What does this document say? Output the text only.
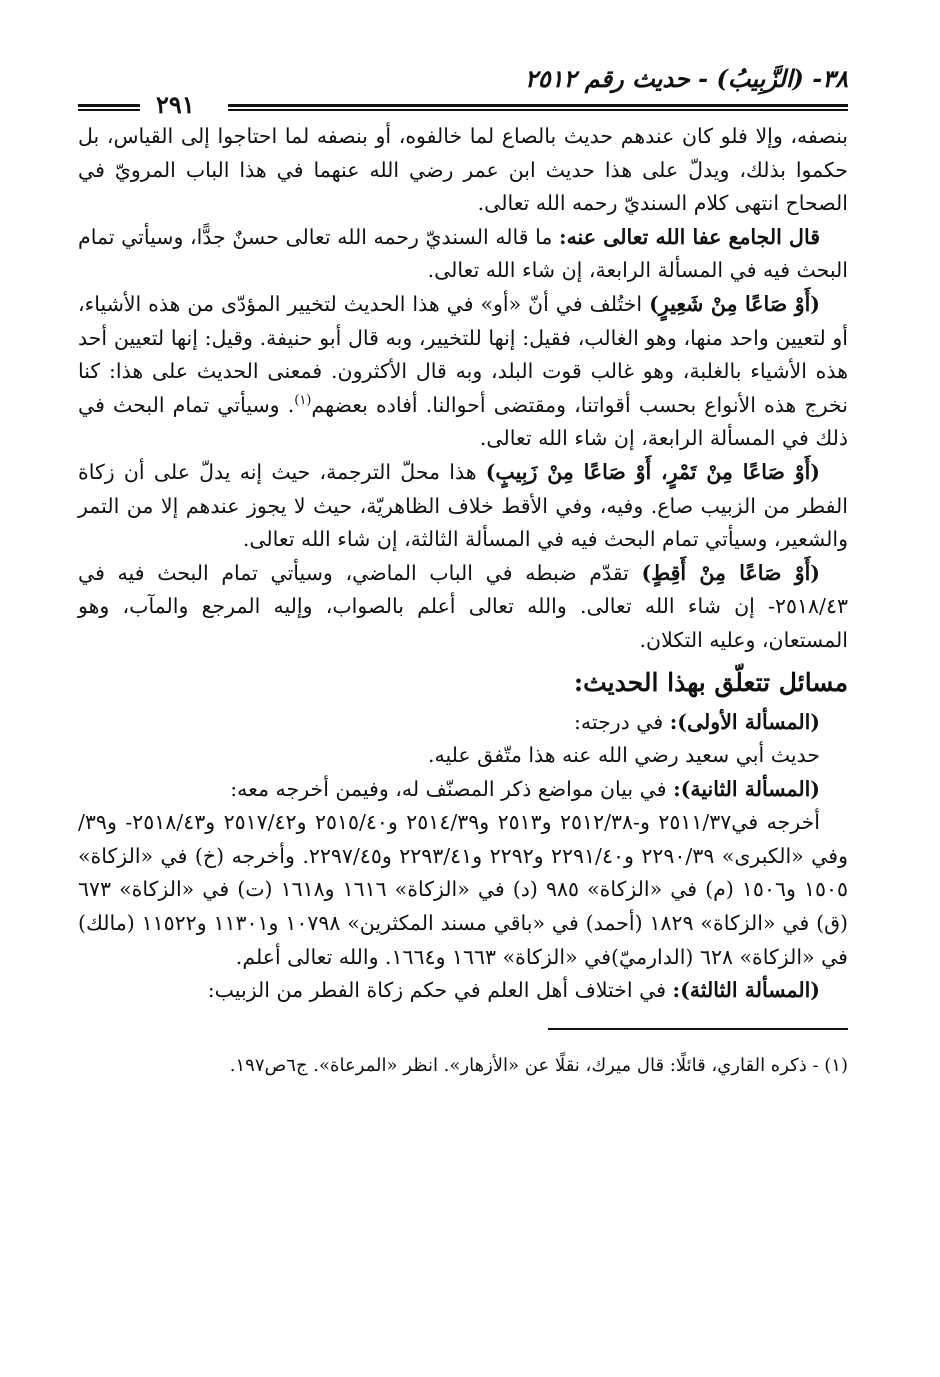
٣٨- (الزَّبِيبُ) - حديث رقم ٢٥١٢
٢٩١

بنصفه، وإلا فلو كان عندهم حديث بالصاع لما خالفوه، أو بنصفه لما احتاجوا إلى القياس، بل حكموا بذلك، ويدلّ على هذا حديث ابن عمر رضي الله عنهما في هذا الباب المرويّ في الصحاح انتهى كلام السنديّ رحمه الله تعالى.

قال الجامع عفا الله تعالى عنه: ما قاله السنديّ رحمه الله تعالى حسنٌ جدًّا، وسيأتي تمام البحث فيه في المسألة الرابعة، إن شاء الله تعالى.

(أَوْ صَاعًا مِنْ شَعِيرٍ) اختُلف في أنّ «أو» في هذا الحديث لتخيير المؤدّى من هذه الأشياء، أو لتعيين واحد منها، وهو الغالب، فقيل: إنها للتخيير، وبه قال أبو حنيفة. وقيل: إنها لتعيين أحد هذه الأشياء بالغلبة، وهو غالب قوت البلد، وبه قال الأكثرون. فمعنى الحديث على هذا: كنا نخرج هذه الأنواع بحسب أقواتنا، ومقتضى أحوالنا. أفاده بعضهم$^{(١)}$. وسيأتي تمام البحث في ذلك في المسألة الرابعة، إن شاء الله تعالى.

(أَوْ صَاعًا مِنْ تَمْرٍ، أَوْ صَاعًا مِنْ زَبِيبٍ) هذا محلّ الترجمة، حيث إنه يدلّ على أن زكاة الفطر من الزبيب صاع. وفيه، وفي الأقط خلاف الظاهريّة، حيث لا يجوز عندهم إلا من التمر والشعير، وسيأتي تمام البحث فيه في المسألة الثالثة، إن شاء الله تعالى.

(أَوْ صَاعًا مِنْ أَقِطٍ) تقدّم ضبطه في الباب الماضي، وسيأتي تمام البحث فيه في ٢٥١٨/٤٣- إن شاء الله تعالى. والله تعالى أعلم بالصواب، وإليه المرجع والمآب، وهو المستعان، وعليه التكلان.

مسائل تتعلّق بهذا الحديث:

(المسألة الأولى): في درجته:

حديث أبي سعيد رضي الله عنه هذا متّفق عليه.

(المسألة الثانية): في بيان مواضع ذكر المصنّف له، وفيمن أخرجه معه:

أخرجه في٢٥١١/٣٧ و-٢٥١٢/٣٨ و٢٥١٣ و٢٥١٤/٣٩ و٢٥١٥/٤٠ و٢٥١٧/٤٢ و٢٥١٨/٤٣- و٣٩/وفي «الكبرى» ٢٢٩٠/٣٩ و٢٢٩١/٤٠ و٢٢٩٢ و٢٢٩٣/٤١ و٢٢٩٧/٤٥. وأخرجه (خ) في «الزكاة» ١٥٠٥ و١٥٠٦ (م) في «الزكاة» ٩٨٥ (د) في «الزكاة» ١٦١٦ و١٦١٨ (ت) في «الزكاة» ٦٧٣ (ق) في «الزكاة» ١٨٢٩ (أحمد) في «باقي مسند المكثرين» ١٠٧٩٨ و١١٣٠١ و١١٥٢٢ (مالك) في «الزكاة» ٦٢٨ (الدارميّ)في «الزكاة» ١٦٦٣ و١٦٦٤. والله تعالى أعلم.

(المسألة الثالثة): في اختلاف أهل العلم في حكم زكاة الفطر من الزبيب:

(١) - ذكره القاري، قائلًا: قال ميرك، نقلًا عن «الأزهار». انظر «المرعاة». ج٦ص١٩٧.
